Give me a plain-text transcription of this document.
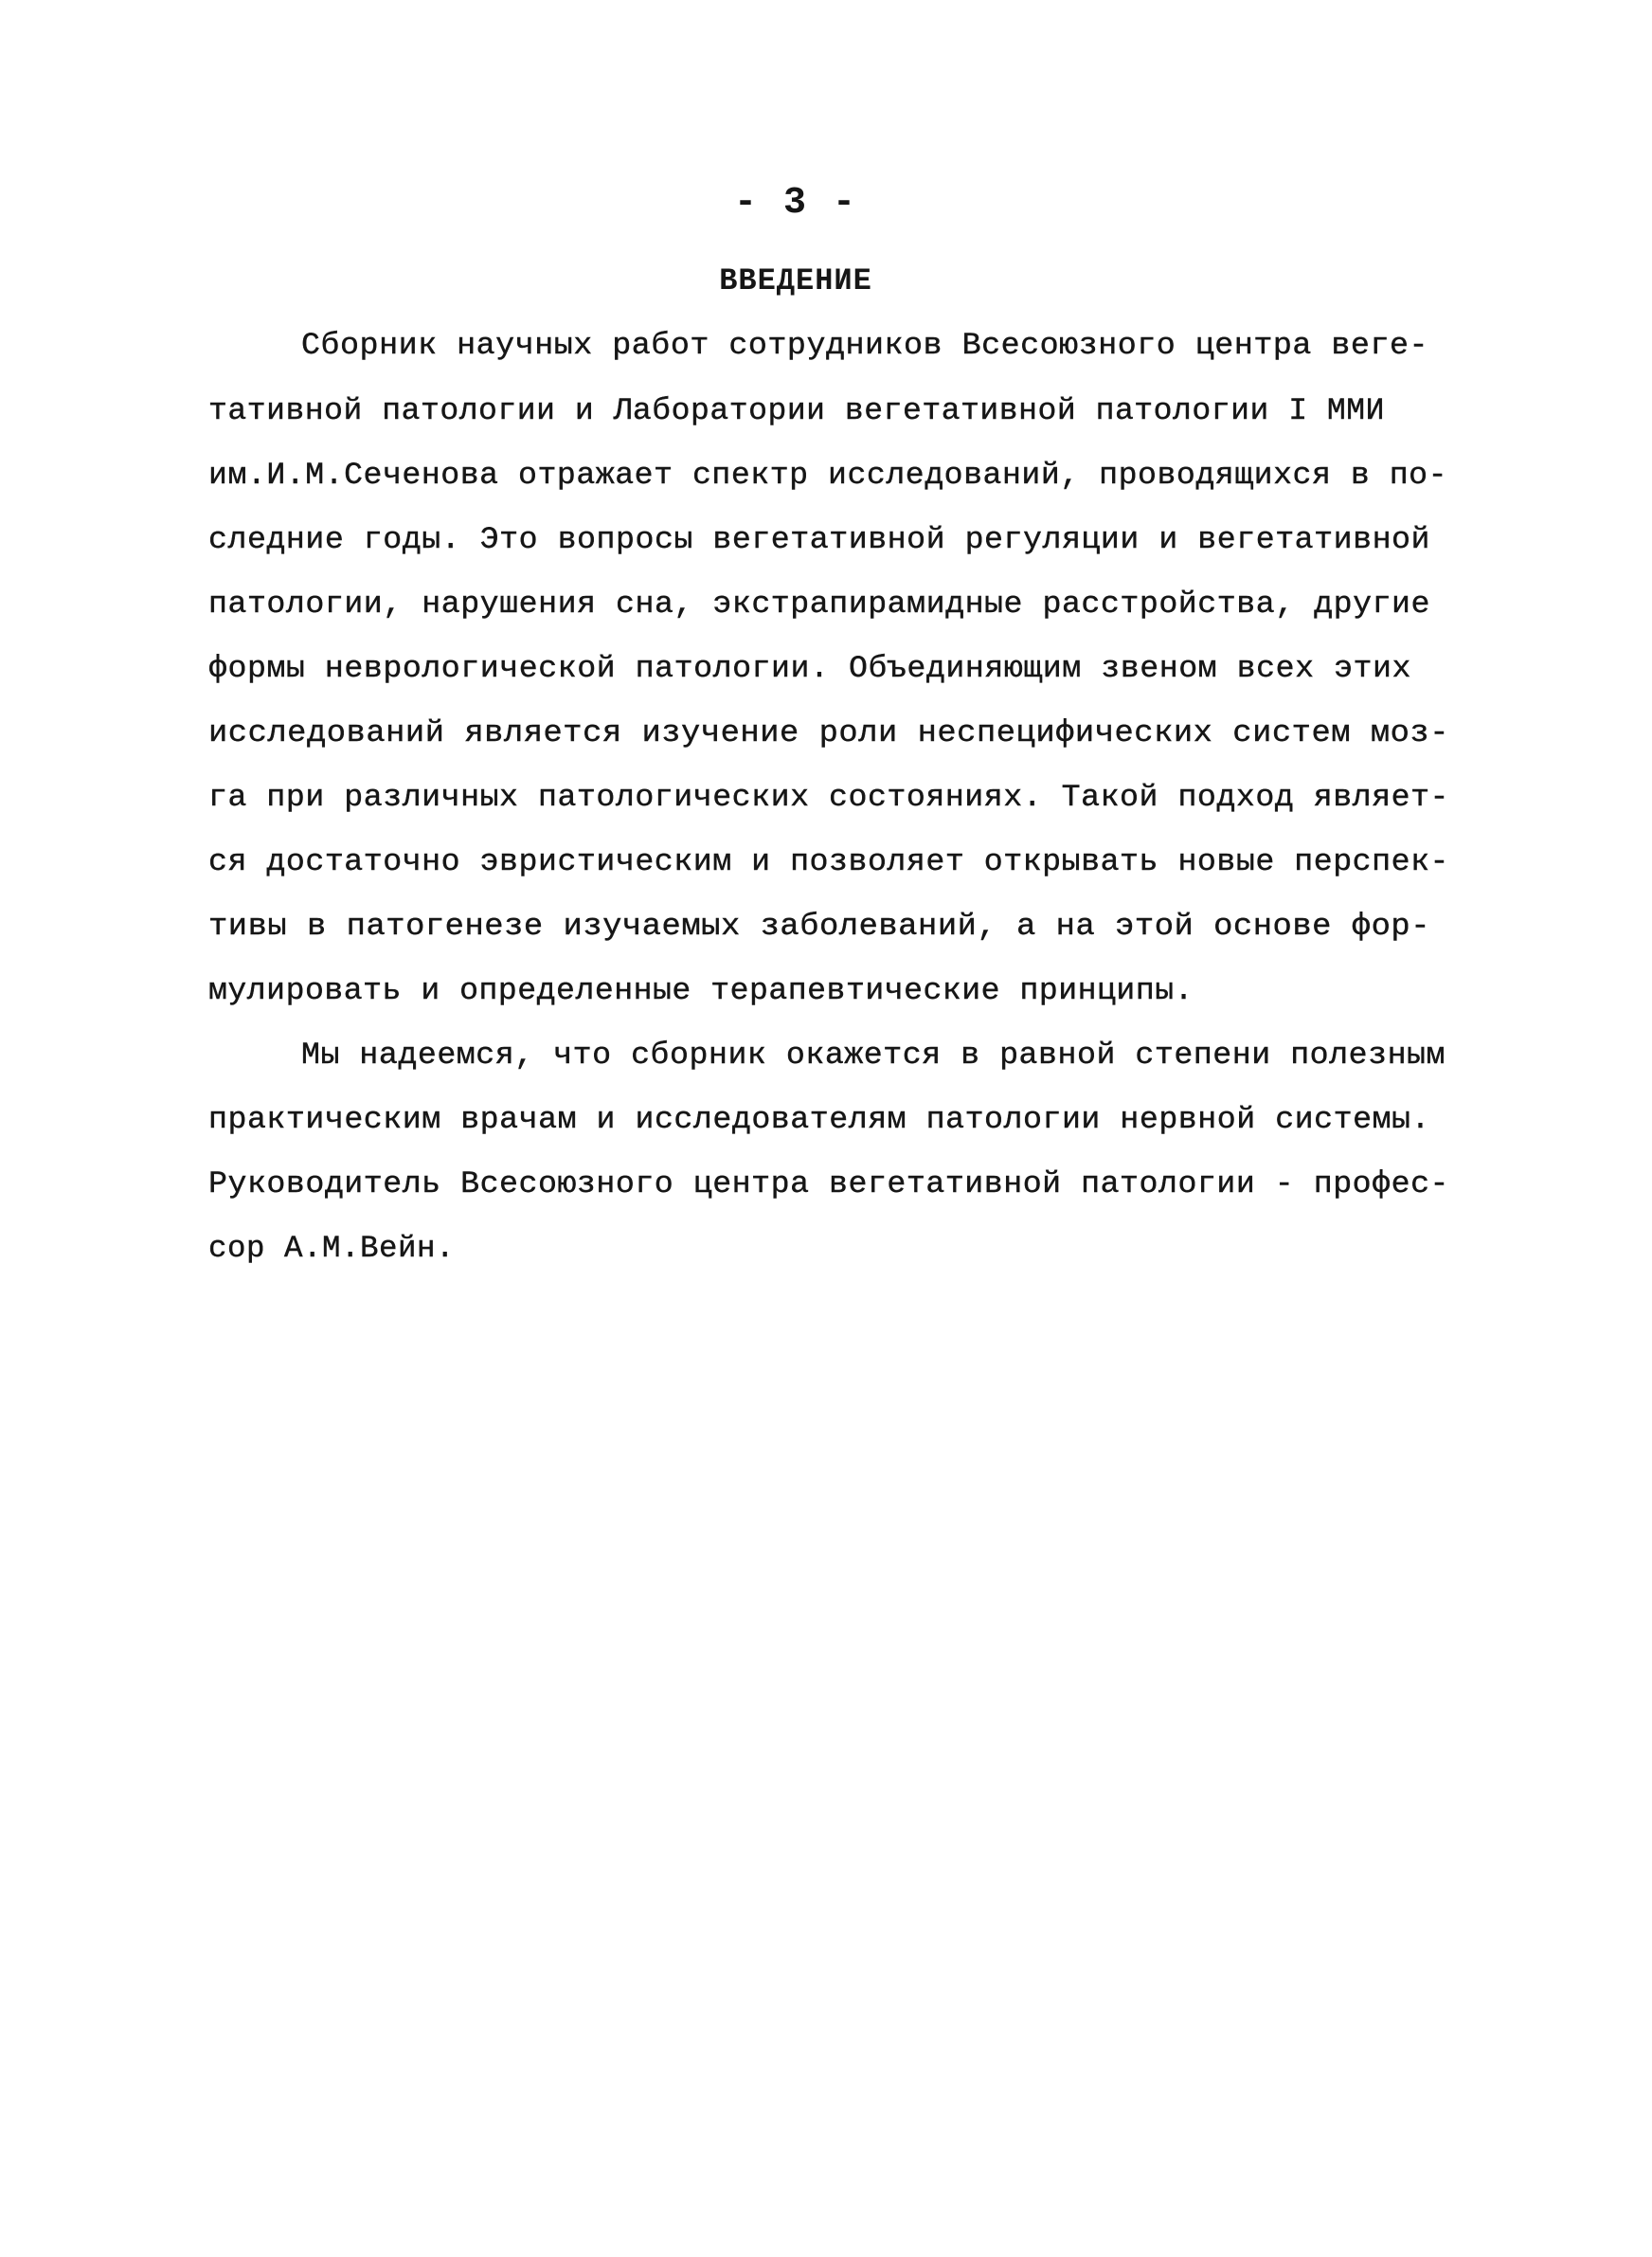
- 3 -
ВВЕДЕНИЕ
Сборник научных работ сотрудников Всесоюзного центра веге-
тативной патологии и Лаборатории вегетативной патологии I ММИ
им.И.М.Сеченова отражает спектр исследований, проводящихся в по-
следние годы. Это вопросы вегетативной регуляции и вегетативной
патологии, нарушения сна, экстрапирамидные расстройства, другие
формы неврологической патологии. Объединяющим звеном всех этих
исследований является изучение роли неспецифических систем моз-
га при различных патологических состояниях. Такой подход являет-
ся достаточно эвристическим и позволяет открывать новые перспек-
тивы в патогенезе изучаемых заболеваний, а на этой основе фор-
мулировать и определенные терапевтические принципы.
Мы надеемся, что сборник окажется в равной степени полезным
практическим врачам и исследователям патологии нервной системы.
Руководитель Всесоюзного центра вегетативной патологии - профес-
сор А.М.Вейн.
